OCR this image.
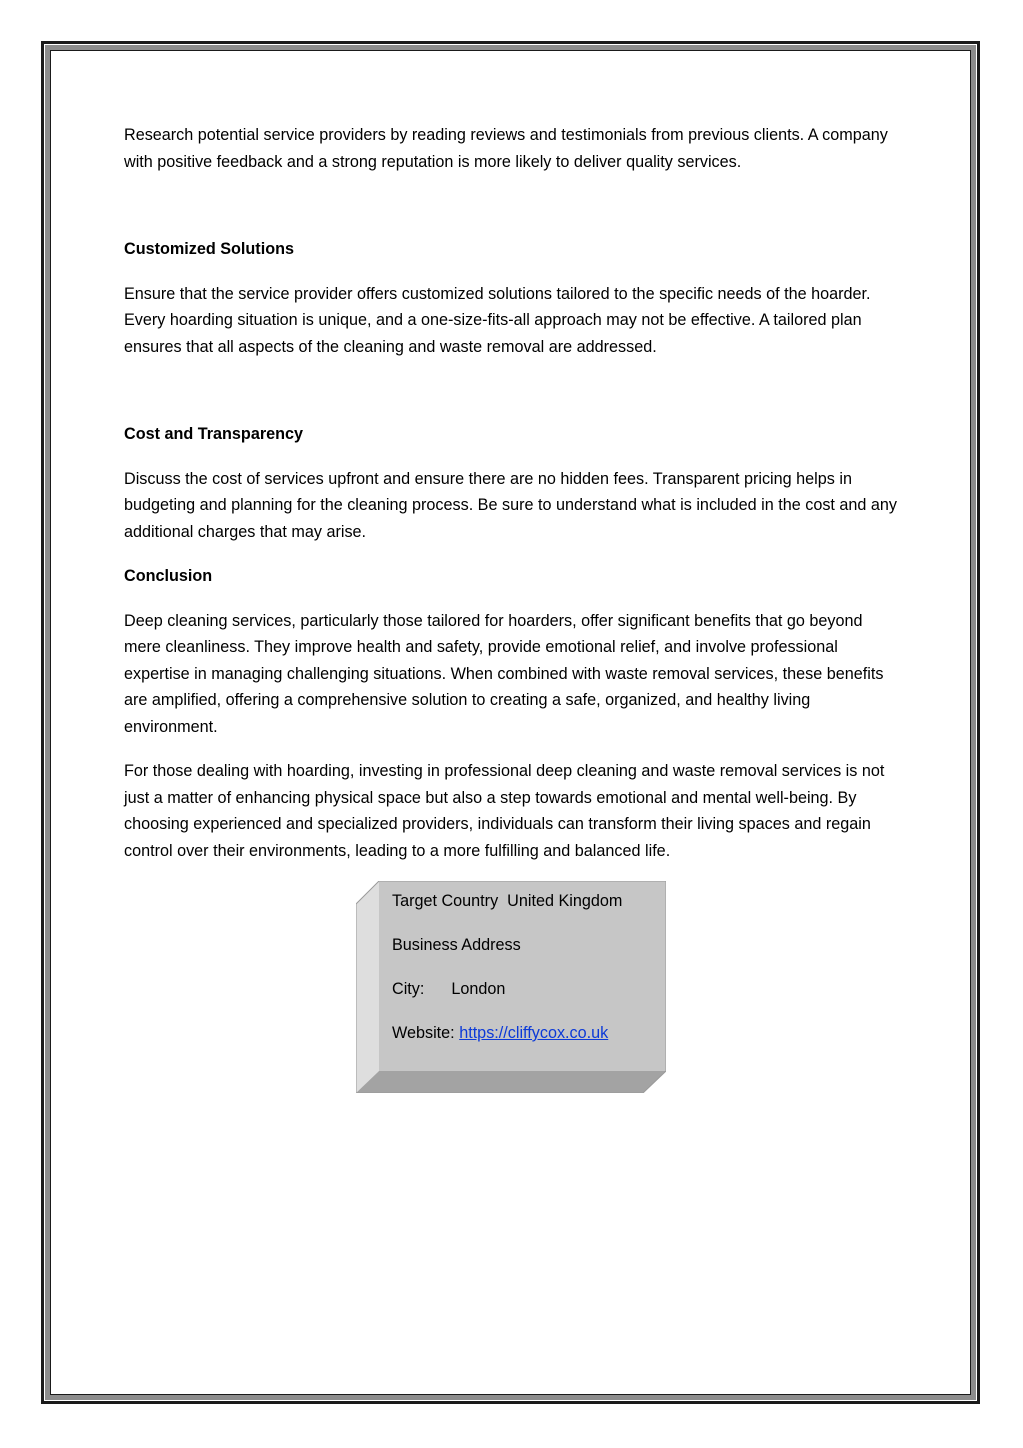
Research potential service providers by reading reviews and testimonials from previous clients. A company with positive feedback and a strong reputation is more likely to deliver quality services.

Customized Solutions

Ensure that the service provider offers customized solutions tailored to the specific needs of the hoarder. Every hoarding situation is unique, and a one-size-fits-all approach may not be effective. A tailored plan ensures that all aspects of the cleaning and waste removal are addressed.

Cost and Transparency

Discuss the cost of services upfront and ensure there are no hidden fees. Transparent pricing helps in budgeting and planning for the cleaning process. Be sure to understand what is included in the cost and any additional charges that may arise.

Conclusion

Deep cleaning services, particularly those tailored for hoarders, offer significant benefits that go beyond mere cleanliness. They improve health and safety, provide emotional relief, and involve professional expertise in managing challenging situations. When combined with waste removal services, these benefits are amplified, offering a comprehensive solution to creating a safe, organized, and healthy living environment.

For those dealing with hoarding, investing in professional deep cleaning and waste removal services is not just a matter of enhancing physical space but also a step towards emotional and mental well-being. By choosing experienced and specialized providers, individuals can transform their living spaces and regain control over their environments, leading to a more fulfilling and balanced life.

Target Country  United Kingdom

Business Address

City:      London

Website: https://cliffycox.co.uk
